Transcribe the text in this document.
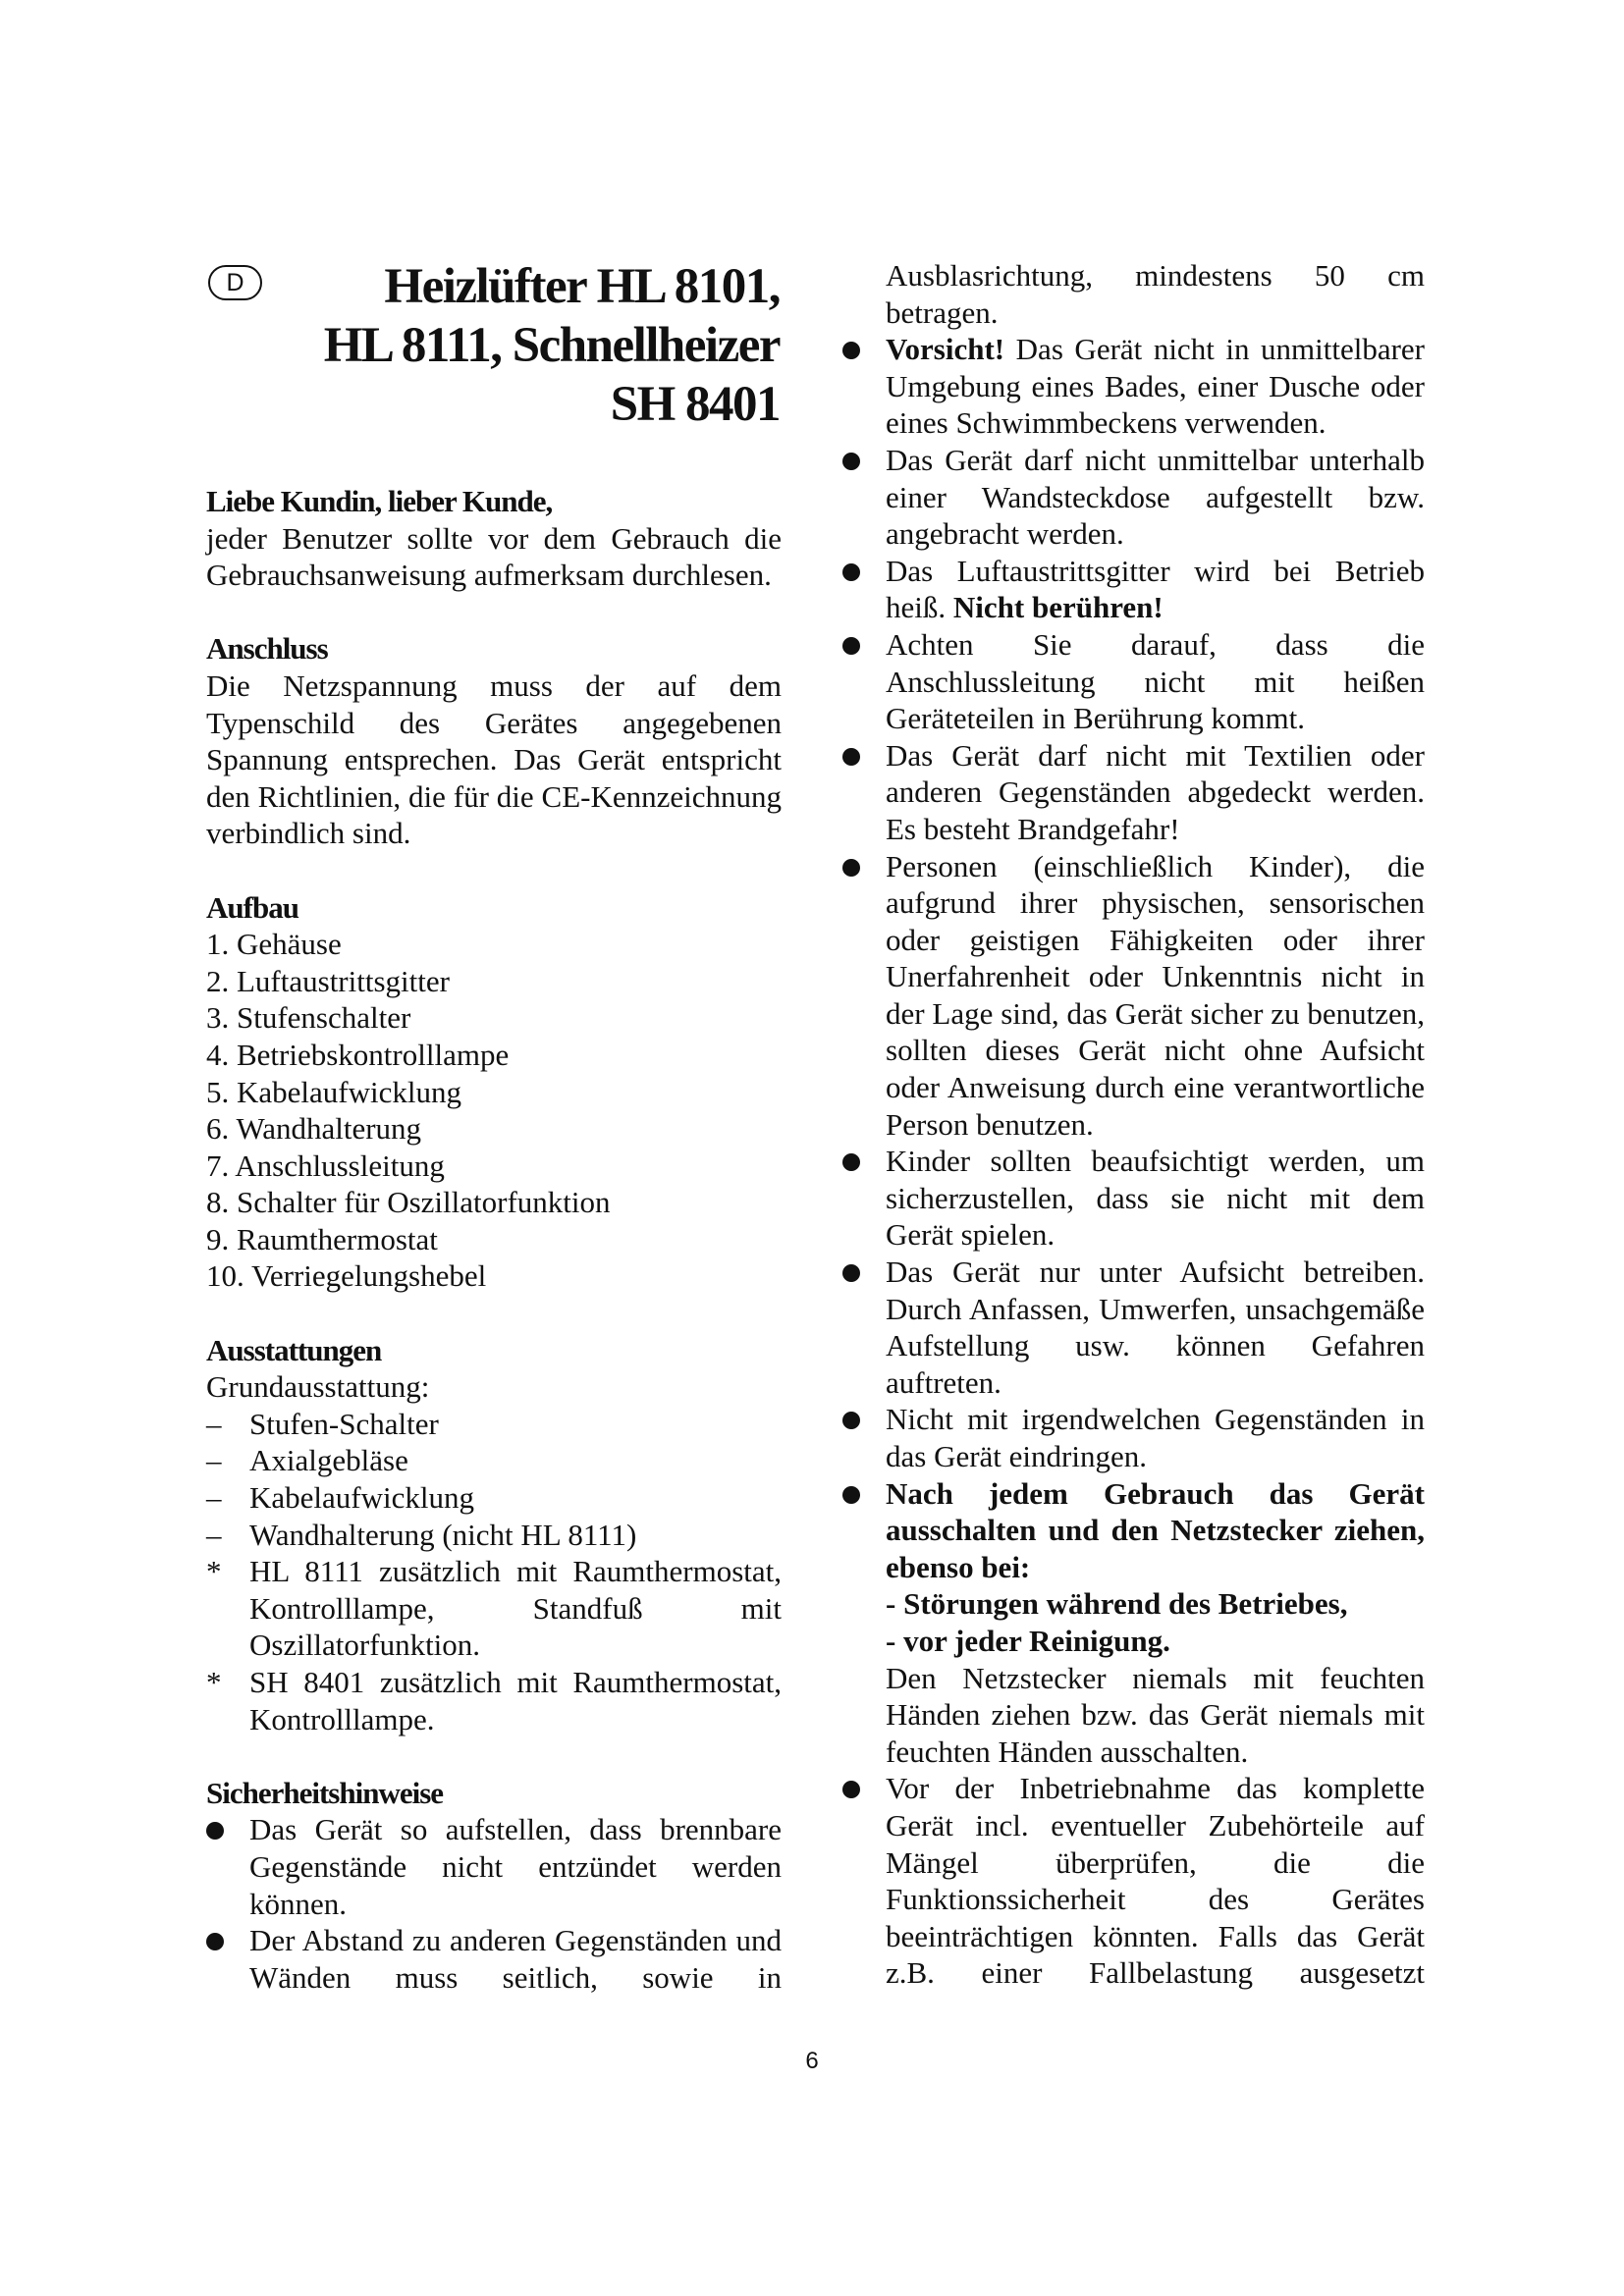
D	Heizlüfter HL 8101,
HL 8111, Schnellheizer
SH 8401

Liebe Kundin, lieber Kunde,

jeder Benutzer sollte vor dem Gebrauch die Gebrauchsanweisung aufmerksam durchlesen.

Anschluss

Die Netzspannung muss der auf dem Typenschild des Gerätes angegebenen Spannung entsprechen. Das Gerät entspricht den Richtlinien, die für die CE-Kennzeichnung verbindlich sind.

Aufbau

1. Gehäuse

2. Luftaustrittsgitter

3. Stufenschalter

4. Betriebskontrolllampe

5. Kabelaufwicklung

6. Wandhalterung

7. Anschlussleitung

8. Schalter für Oszillatorfunktion

9. Raumthermostat

10. Verriegelungshebel

Ausstattungen

Grundausstattung:

– Stufen-Schalter
– Axialgebläse
– Kabelaufwicklung
– Wandhalterung (nicht HL 8111)
* HL 8111 zusätzlich mit Raumthermostat, Kontrolllampe, Standfuß mit Oszillatorfunktion.
* SH 8401 zusätzlich mit Raumthermostat, Kontrolllampe.

Sicherheitshinweise

Das Gerät so aufstellen, dass brennbare Gegenstände nicht entzündet werden können.
Der Abstand zu anderen Gegenständen und Wänden muss seitlich, sowie in
Ausblasrichtung, mindestens 50 cm betragen.
Vorsicht! Das Gerät nicht in unmittelbarer Umgebung eines Bades, einer Dusche oder eines Schwimmbeckens verwenden.
Das Gerät darf nicht unmittelbar unterhalb einer Wandsteckdose aufgestellt bzw. angebracht werden.
Das Luftaustrittsgitter wird bei Betrieb heiß. Nicht berühren!
Achten Sie darauf, dass die Anschlussleitung nicht mit heißen Geräteteilen in Berührung kommt.
Das Gerät darf nicht mit Textilien oder anderen Gegenständen abgedeckt werden. Es besteht Brandgefahr!
Personen (einschließlich Kinder), die aufgrund ihrer physischen, sensorischen oder geistigen Fähigkeiten oder ihrer Unerfahrenheit oder Unkenntnis nicht in der Lage sind, das Gerät sicher zu benutzen, sollten dieses Gerät nicht ohne Aufsicht oder Anweisung durch eine verantwortliche Person benutzen.
Kinder sollten beaufsichtigt werden, um sicherzustellen, dass sie nicht mit dem Gerät spielen.
Das Gerät nur unter Aufsicht betreiben. Durch Anfassen, Umwerfen, unsachgemäße Aufstellung usw. können Gefahren auftreten.
Nicht mit irgendwelchen Gegenständen in das Gerät eindringen.
Nach jedem Gebrauch das Gerät ausschalten und den Netzstecker ziehen, ebenso bei:
- Störungen während des Betriebes,
- vor jeder Reinigung.
Den Netzstecker niemals mit feuchten Händen ziehen bzw. das Gerät niemals mit feuchten Händen ausschalten.
Vor der Inbetriebnahme das komplette Gerät incl. eventueller Zubehörteile auf Mängel überprüfen, die die Funktionssicherheit des Gerätes beeinträchtigen könnten. Falls das Gerät z.B. einer Fallbelastung ausgesetzt
6
